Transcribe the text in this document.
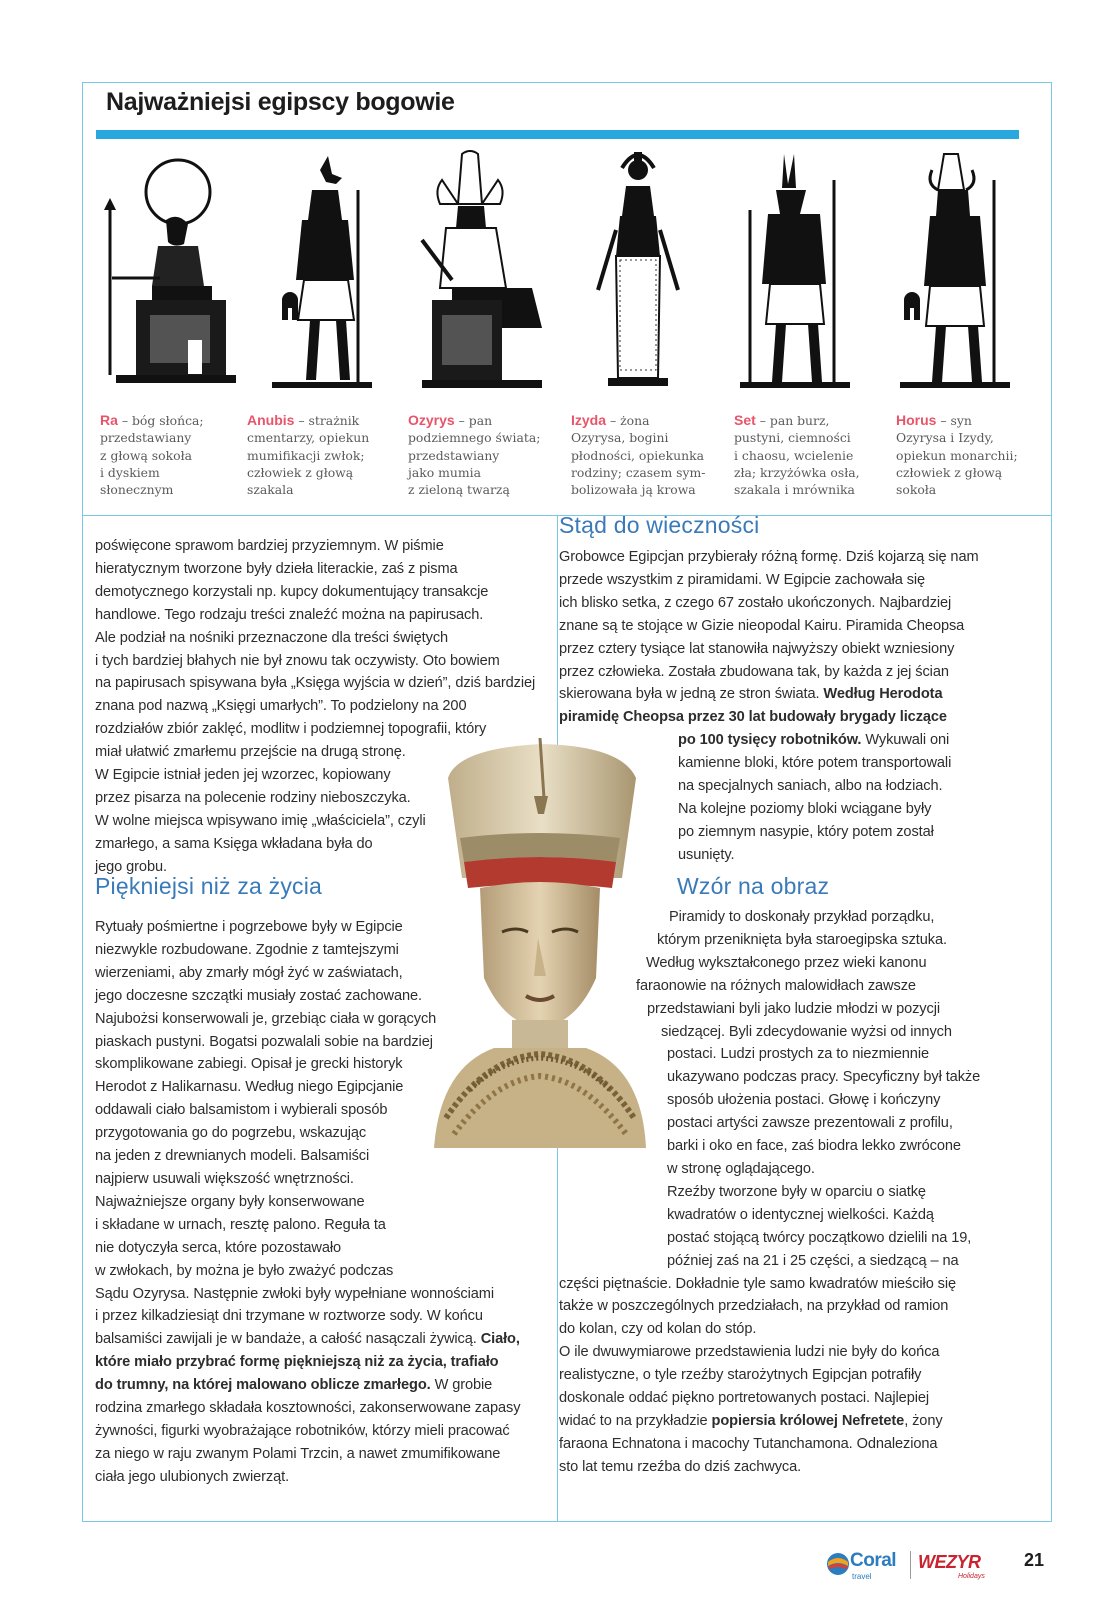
Najważniejsi egipscy bogowie

Ra – bóg słońca;
przedstawiany
z głową sokoła
i dyskiem
słonecznym

Anubis – strażnik
cmentarzy, opiekun
mumifikacji zwłok;
człowiek z głową
szakala

Ozyrys – pan
podziemnego świata;
przedstawiany
jako mumia
z zieloną twarzą

Izyda – żona
Ozyrysa, bogini
płodności, opiekunka
rodziny; czasem sym-
bolizowała ją krowa

Set – pan burz,
pustyni, ciemności
i chaosu, wcielenie
zła; krzyżówka osła,
szakala i mrównika

Horus – syn
Ozyrysa i Izydy,
opiekun monarchii;
człowiek z głową
sokoła

poświęcone sprawom bardziej przyziemnym. W piśmie
hieratycznym tworzone były dzieła literackie, zaś z pisma
demotycznego korzystali np. kupcy dokumentujący transakcje
handlowe. Tego rodzaju treści znaleźć można na papirusach.
Ale podział na nośniki przeznaczone dla treści świętych
i tych bardziej błahych nie był znowu tak oczywisty. Oto bowiem
na papirusach spisywana była „Księga wyjścia w dzień”, dziś bardziej
znana pod nazwą „Księgi umarłych”. To podzielony na 200
rozdziałów zbiór zaklęć, modlitw i podziemnej topografii, który
miał ułatwić zmarłemu przejście na drugą stronę.
W Egipcie istniał jeden jej wzorzec, kopiowany
przez pisarza na polecenie rodziny nieboszczyka.
W wolne miejsca wpisywano imię „właściciela”, czyli
zmarłego, a sama Księga wkładana była do
jego grobu.
Piękniejsi niż za życia
Rytuały pośmiertne i pogrzebowe były w Egipcie
niezwykle rozbudowane. Zgodnie z tamtejszymi
wierzeniami, aby zmarły mógł żyć w zaświatach,
jego doczesne szczątki musiały zostać zachowane.
Najubożsi konserwowali je, grzebiąc ciała w gorących
piaskach pustyni. Bogatsi pozwalali sobie na bardziej
skomplikowane zabiegi. Opisał je grecki historyk
Herodot z Halikarnasu. Według niego Egipcjanie
oddawali ciało balsamistom i wybierali sposób
przygotowania go do pogrzebu, wskazując
na jeden z drewnianych modeli. Balsamiści
najpierw usuwali większość wnętrzności.
Najważniejsze organy były konserwowane
i składane w urnach, resztę palono. Reguła ta
nie dotyczyła serca, które pozostawało
w zwłokach, by można je było zważyć podczas
Sądu Ozyrysa. Następnie zwłoki były wypełniane wonnościami
i przez kilkadziesiąt dni trzymane w roztworze sody. W końcu
balsamiści zawijali je w bandaże, a całość nasączali żywicą. Ciało,
które miało przybrać formę piękniejszą niż za życia, trafiało
do trumny, na której malowano oblicze zmarłego. W grobie
rodzina zmarłego składała kosztowności, zakonserwowane zapasy
żywności, figurki wyobrażające robotników, którzy mieli pracować
za niego w raju zwanym Polami Trzcin, a nawet zmumifikowane
ciała jego ulubionych zwierząt.
Stąd do wieczności
Grobowce Egipcjan przybierały różną formę. Dziś kojarzą się nam
przede wszystkim z piramidami. W Egipcie zachowała się
ich blisko setka, z czego 67 zostało ukończonych. Najbardziej
znane są te stojące w Gizie nieopodal Kairu. Piramida Cheopsa
przez cztery tysiące lat stanowiła najwyższy obiekt wzniesiony
przez człowieka. Została zbudowana tak, by każda z jej ścian
skierowana była w jedną ze stron świata. Według Herodota
piramidę Cheopsa przez 30 lat budowały brygady liczące
po 100 tysięcy robotników. Wykuwali oni
kamienne bloki, które potem transportowali
na specjalnych saniach, albo na łodziach.
Na kolejne poziomy bloki wciągane były
po ziemnym nasypie, który potem został
usunięty.
Wzór na obraz
Piramidy to doskonały przykład porządku,
którym przeniknięta była staroegipska sztuka.
Według wykształconego przez wieki kanonu
faraonowie na różnych malowidłach zawsze
przedstawiani byli jako ludzie młodzi w pozycji
siedzącej. Byli zdecydowanie wyżsi od innych
postaci. Ludzi prostych za to niezmiennie
ukazywano podczas pracy. Specyficzny był także
sposób ułożenia postaci. Głowę i kończyny
postaci artyści zawsze prezentowali z profilu,
barki i oko en face, zaś biodra lekko zwrócone
w stronę oglądającego.
Rzeźby tworzone były w oparciu o siatkę
kwadratów o identycznej wielkości. Każdą
postać stojącą twórcy początkowo dzielili na 19,
później zaś na 21 i 25 części, a siedzącą – na
części piętnaście. Dokładnie tyle samo kwadratów mieściło się
także w poszczególnych przedziałach, na przykład od ramion
do kolan, czy od kolan do stóp.
O ile dwuwymiarowe przedstawienia ludzi nie były do końca
realistyczne, o tyle rzeźby starożytnych Egipcjan potrafiły
doskonale oddać piękno portretowanych postaci. Najlepiej
widać to na przykładzie popiersia królowej Nefretete, żony
faraona Echnatona i macochy Tutanchamona. Odnaleziona
sto lat temu rzeźba do dziś zachwyca.
Coral
travel
WEZYR
Holidays
21
